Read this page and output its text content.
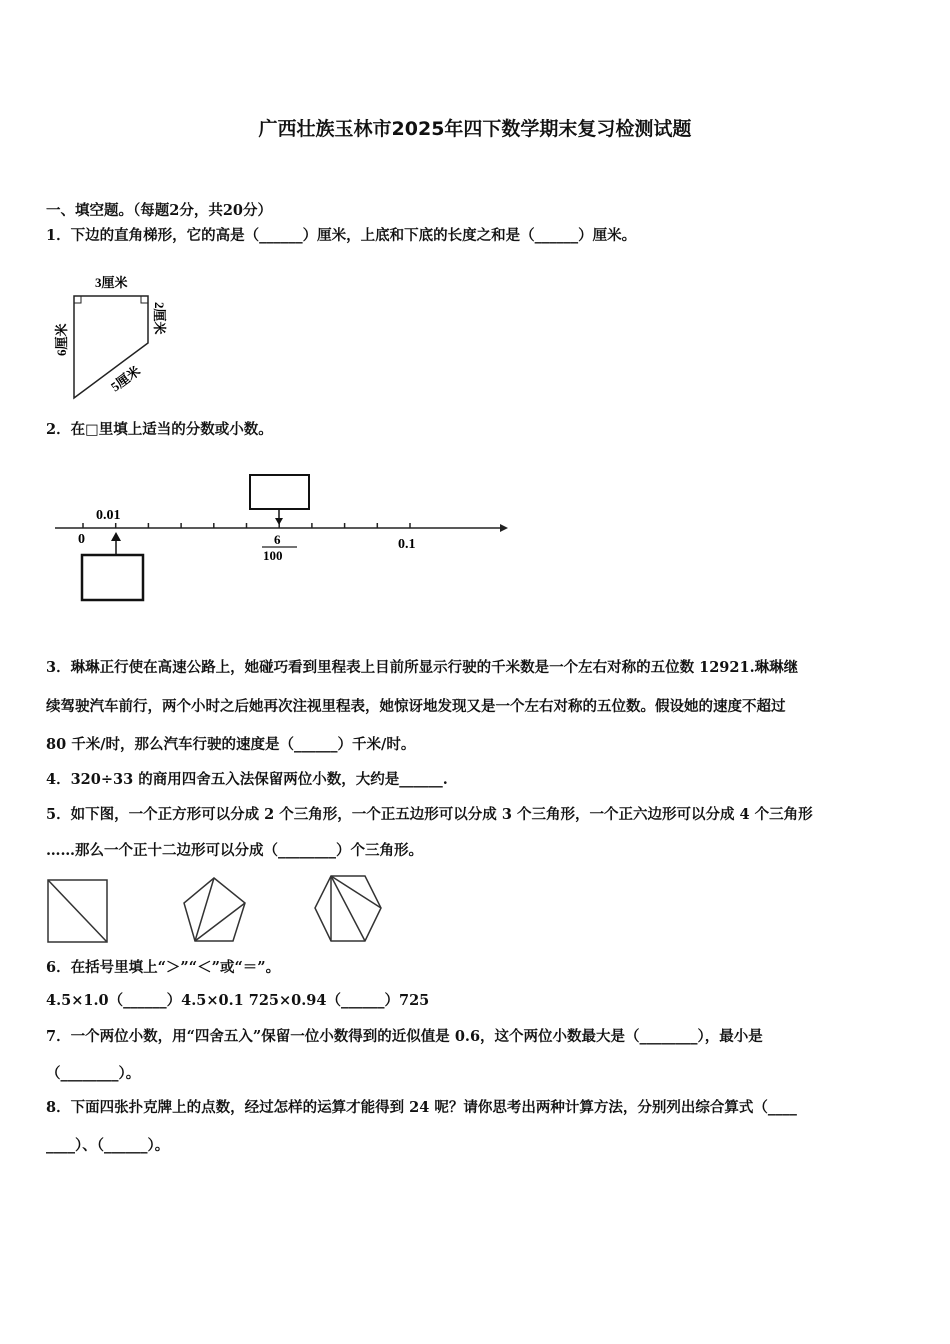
广西壮族玉林市2025年四下数学期末复习检测试题
一、填空题。（每题2分，共20分）
1．下边的直角梯形，它的高是（______）厘米，上底和下底的长度之和是（______）厘米。
3厘米
6厘米
2厘米
5厘米
2．在□里填上适当的分数或小数。
0
0.01
6
100
0.1
3．琳琳正行使在高速公路上，她碰巧看到里程表上目前所显示行驶的千米数是一个左右对称的五位数 12921.琳琳继
续驾驶汽车前行，两个小时之后她再次注视里程表，她惊讶地发现又是一个左右对称的五位数。假设她的速度不超过
80 千米/时，那么汽车行驶的速度是（______）千米/时。
4．320÷33 的商用四舍五入法保留两位小数，大约是______.
5．如下图，一个正方形可以分成 2 个三角形，一个正五边形可以分成 3 个三角形，一个正六边形可以分成 4 个三角形
……那么一个正十二边形可以分成（________）个三角形。
6．在括号里填上“＞”“＜”或“＝”。
4.5×1.0（______）4.5×0.1 725×0.94（______）725
7．一个两位小数，用“四舍五入”保留一位小数得到的近似值是 0.6，这个两位小数最大是（________），最小是
（________）。
8．下面四张扑克牌上的点数，经过怎样的运算才能得到 24 呢？请你思考出两种计算方法，分别列出综合算式（____
____）、（______）。
